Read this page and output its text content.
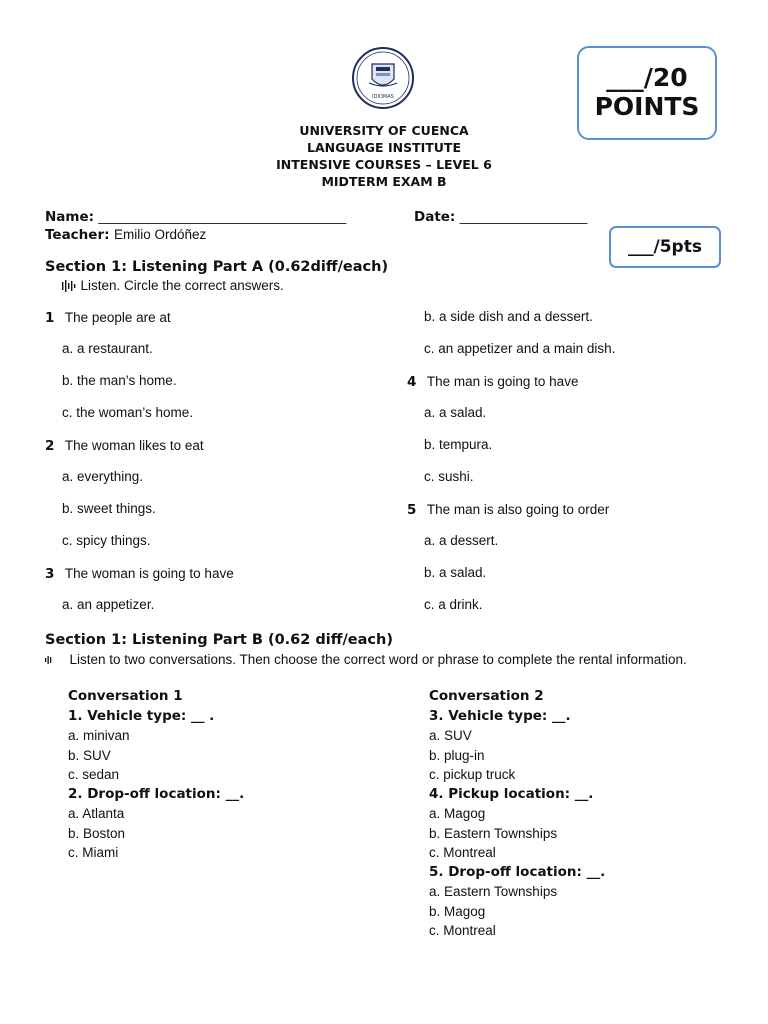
IDIOMAS
UNIVERSITY OF CUENCA
LANGUAGE INSTITUTE
INTENSIVE COURSES – LEVEL 6
MIDTERM EXAM B
___/20
POINTS
___/5pts
Name: _________________________________	Date: _________________
Teacher: Emilio Ordóñez
Section 1: Listening Part A (0.62diff/each)
Listen. Circle the correct answers.
1 The people are at
a. a restaurant.
b. the man’s home.
c. the woman’s home.
2 The woman likes to eat
a. everything.
b. sweet things.
c. spicy things.
3 The woman is going to have
a. an appetizer.
b. a side dish and a dessert.
c. an appetizer and a main dish.
4 The man is going to have
a. a salad.
b. tempura.
c. sushi.
5 The man is also going to order
a. a dessert.
b. a salad.
c. a drink.
Section 1: Listening Part B (0.62 diff/each)
Listen to two conversations. Then choose the correct word or phrase to complete the rental information.
Conversation 1
1. Vehicle type: __ .
a. minivan
b. SUV
c. sedan
2. Drop-off location: __.
a. Atlanta
b. Boston
c. Miami
Conversation 2
3. Vehicle type: __.
a. SUV
b. plug-in
c. pickup truck
4. Pickup location: __.
a. Magog
b. Eastern Townships
c. Montreal
5. Drop-off location: __.
a. Eastern Townships
b. Magog
c. Montreal
